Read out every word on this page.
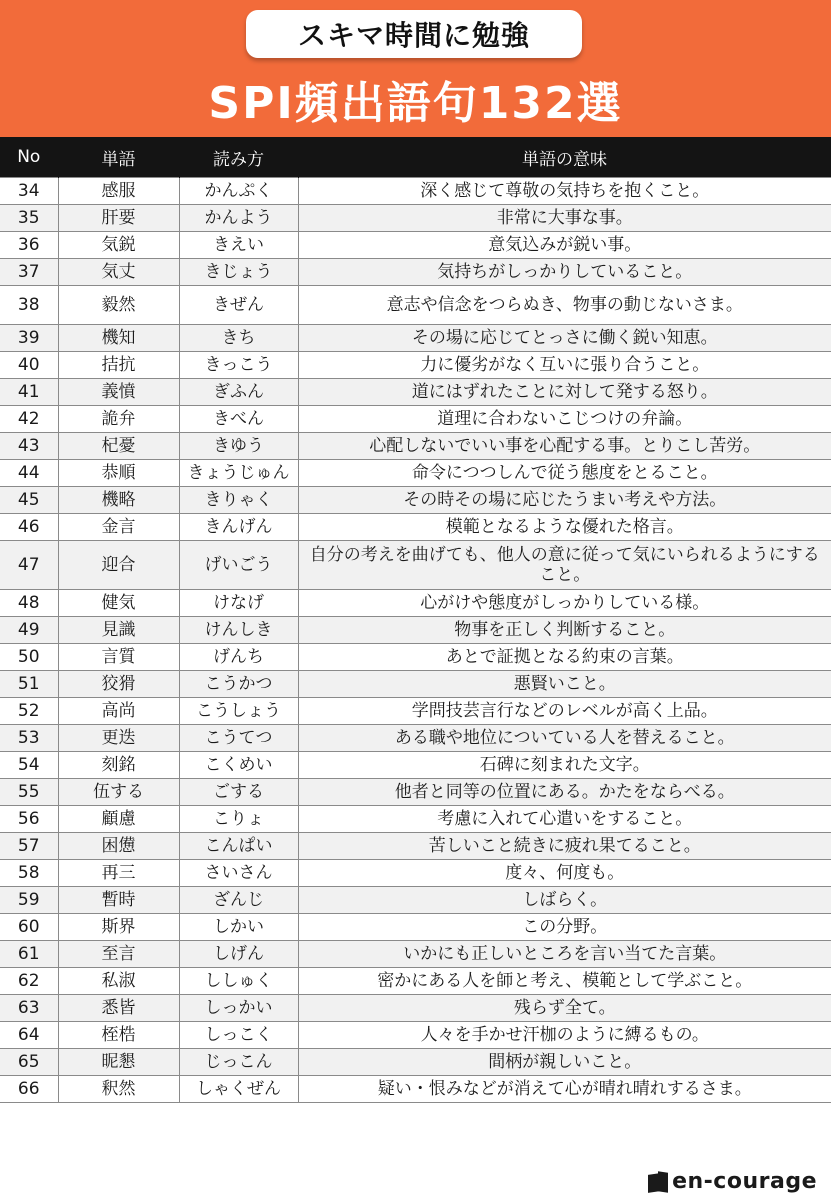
スキマ時間に勉強
SPI頻出語句132選
No	単語	読み方	単語の意味
34	感服	かんぷく	深く感じて尊敬の気持ちを抱くこと。
35	肝要	かんよう	非常に大事な事。
36	気鋭	きえい	意気込みが鋭い事。
37	気丈	きじょう	気持ちがしっかりしていること。
38	毅然	きぜん	意志や信念をつらぬき、物事の動じないさま。
39	機知	きち	その場に応じてとっさに働く鋭い知恵。
40	拮抗	きっこう	力に優劣がなく互いに張り合うこと。
41	義憤	ぎふん	道にはずれたことに対して発する怒り。
42	詭弁	きべん	道理に合わないこじつけの弁論。
43	杞憂	きゆう	心配しないでいい事を心配する事。とりこし苦労。
44	恭順	きょうじゅん	命令につつしんで従う態度をとること。
45	機略	きりゃく	その時その場に応じたうまい考えや方法。
46	金言	きんげん	模範となるような優れた格言。
47	迎合	げいごう	自分の考えを曲げても、他人の意に従って気にいられるようにすること。
48	健気	けなげ	心がけや態度がしっかりしている様。
49	見識	けんしき	物事を正しく判断すること。
50	言質	げんち	あとで証拠となる約束の言葉。
51	狡猾	こうかつ	悪賢いこと。
52	高尚	こうしょう	学問技芸言行などのレベルが高く上品。
53	更迭	こうてつ	ある職や地位についている人を替えること。
54	刻銘	こくめい	石碑に刻まれた文字。
55	伍する	ごする	他者と同等の位置にある。かたをならべる。
56	顧慮	こりょ	考慮に入れて心遣いをすること。
57	困憊	こんぱい	苦しいこと続きに疲れ果てること。
58	再三	さいさん	度々、何度も。
59	暫時	ざんじ	しばらく。
60	斯界	しかい	この分野。
61	至言	しげん	いかにも正しいところを言い当てた言葉。
62	私淑	ししゅく	密かにある人を師と考え、模範として学ぶこと。
63	悉皆	しっかい	残らず全て。
64	桎梏	しっこく	人々を手かせ汗枷のように縛るもの。
65	昵懇	じっこん	間柄が親しいこと。
66	釈然	しゃくぜん	疑い・恨みなどが消えて心が晴れ晴れするさま。
en-courage
